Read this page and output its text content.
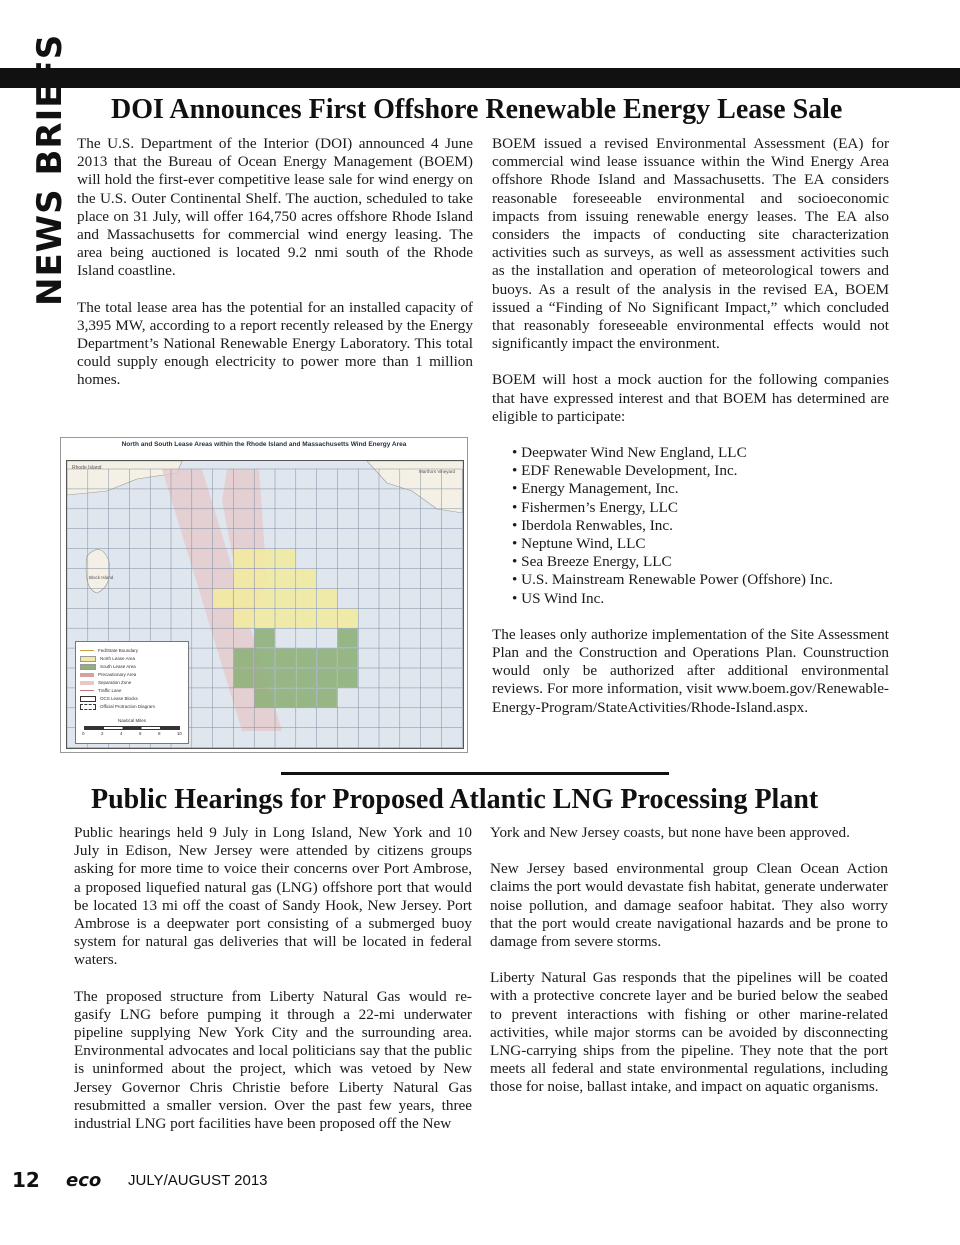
NEWS BRIEFS DOI Announces First Offshore Renewable Energy Lease Sale

The U.S. Department of the Interior (DOI) announced 4 June 2013 that the Bureau of Ocean Energy Management (BOEM) will hold the first-ever competitive lease sale for wind energy on the U.S. Outer Continental Shelf. The auction, scheduled to take place on 31 July, will offer 164,750 acres offshore Rhode Island and Massachusetts for commercial wind energy leasing. The area being auctioned is located 9.2 nmi south of the Rhode Island coastline.

The total lease area has the potential for an installed capacity of 3,395 MW, according to a report recently released by the Energy Department’s National Renewable Energy Laboratory. This total could supply enough electricity to power more than 1 million homes.

BOEM issued a revised Environmental Assessment (EA) for commercial wind lease issuance within the Wind Energy Area offshore Rhode Island and Massachusetts. The EA considers reasonable foreseeable environmental and socioeconomic impacts from issuing renewable energy leases. The EA also considers the impacts of conducting site characterization activities such as surveys, as well as assessment activities such as the installation and operation of meteorological towers and buoys. As a result of the analysis in the revised EA, BOEM issued a “Finding of No Significant Impact,” which concluded that reasonably foreseeable environmental effects would not significantly impact the environment.

BOEM will host a mock auction for the following companies that have expressed interest and that BOEM has determined are eligible to participate:

• Deepwater Wind New England, LLC
• EDF Renewable Development, Inc.
• Energy Management, Inc.
• Fishermen’s Energy, LLC
• Iberdola Renwables, Inc.
• Neptune Wind, LLC
• Sea Breeze Energy, LLC
• U.S. Mainstream Renewable Power (Offshore) Inc.
• US Wind Inc.

The leases only authorize implementation of the Site Assessment Plan and the Construction and Operations Plan. Counstruction would only be authorized after additional environmental reviews. For more information, visit www.boem.gov/Renewable-Energy-Program/StateActivities/Rhode-Island.aspx.

North and South Lease Areas within the Rhode Island and Massachusetts Wind Energy Area
Rhode Island
Block Island
Martha's Vineyard
Fed/State Boundary
North Lease Area
South Lease Area
Precautionary Area
Separation Zone
Traffic Lane
OCS Lease Blocks
Official Protraction Diagram
Nautical Miles
0	2	4	6	8	10
Public Hearings for Proposed Atlantic LNG Processing Plant

Public hearings held 9 July in Long Island, New York and 10 July in Edison, New Jersey were attended by citizens groups asking for more time to voice their concerns over Port Ambrose, a proposed liquefied natural gas (LNG) offshore port that would be located 13 mi off the coast of Sandy Hook, New Jersey. Port Ambrose is a deepwater port consisting of a submerged buoy system for natural gas deliveries that will be located in federal waters.

The proposed structure from Liberty Natural Gas would re-gasify LNG before pumping it through a 22-mi underwater pipeline supplying New York City and the surrounding area. Environmental advocates and local politicians say that the public is uninformed about the project, which was vetoed by New Jersey Governor Chris Christie before Liberty Natural Gas resubmitted a smaller version. Over the past few years, three industrial LNG port facilities have been proposed off the New

York and New Jersey coasts, but none have been approved.

New Jersey based environmental group Clean Ocean Action claims the port would devastate fish habitat, generate underwater noise pollution, and damage seafoor habitat. They also worry that the port would create navigational hazards and be prone to damage from severe storms.

Liberty Natural Gas responds that the pipelines will be coated with a protective concrete layer and be buried below the seabed to prevent interactions with fishing or other marine-related activities, while major storms can be avoided by disconnecting LNG-carrying ships from the pipeline. They note that the port meets all federal and state environmental regulations, including those for noise, ballast intake, and impact on aquatic organisms.

12 eco JULY/AUGUST 2013
